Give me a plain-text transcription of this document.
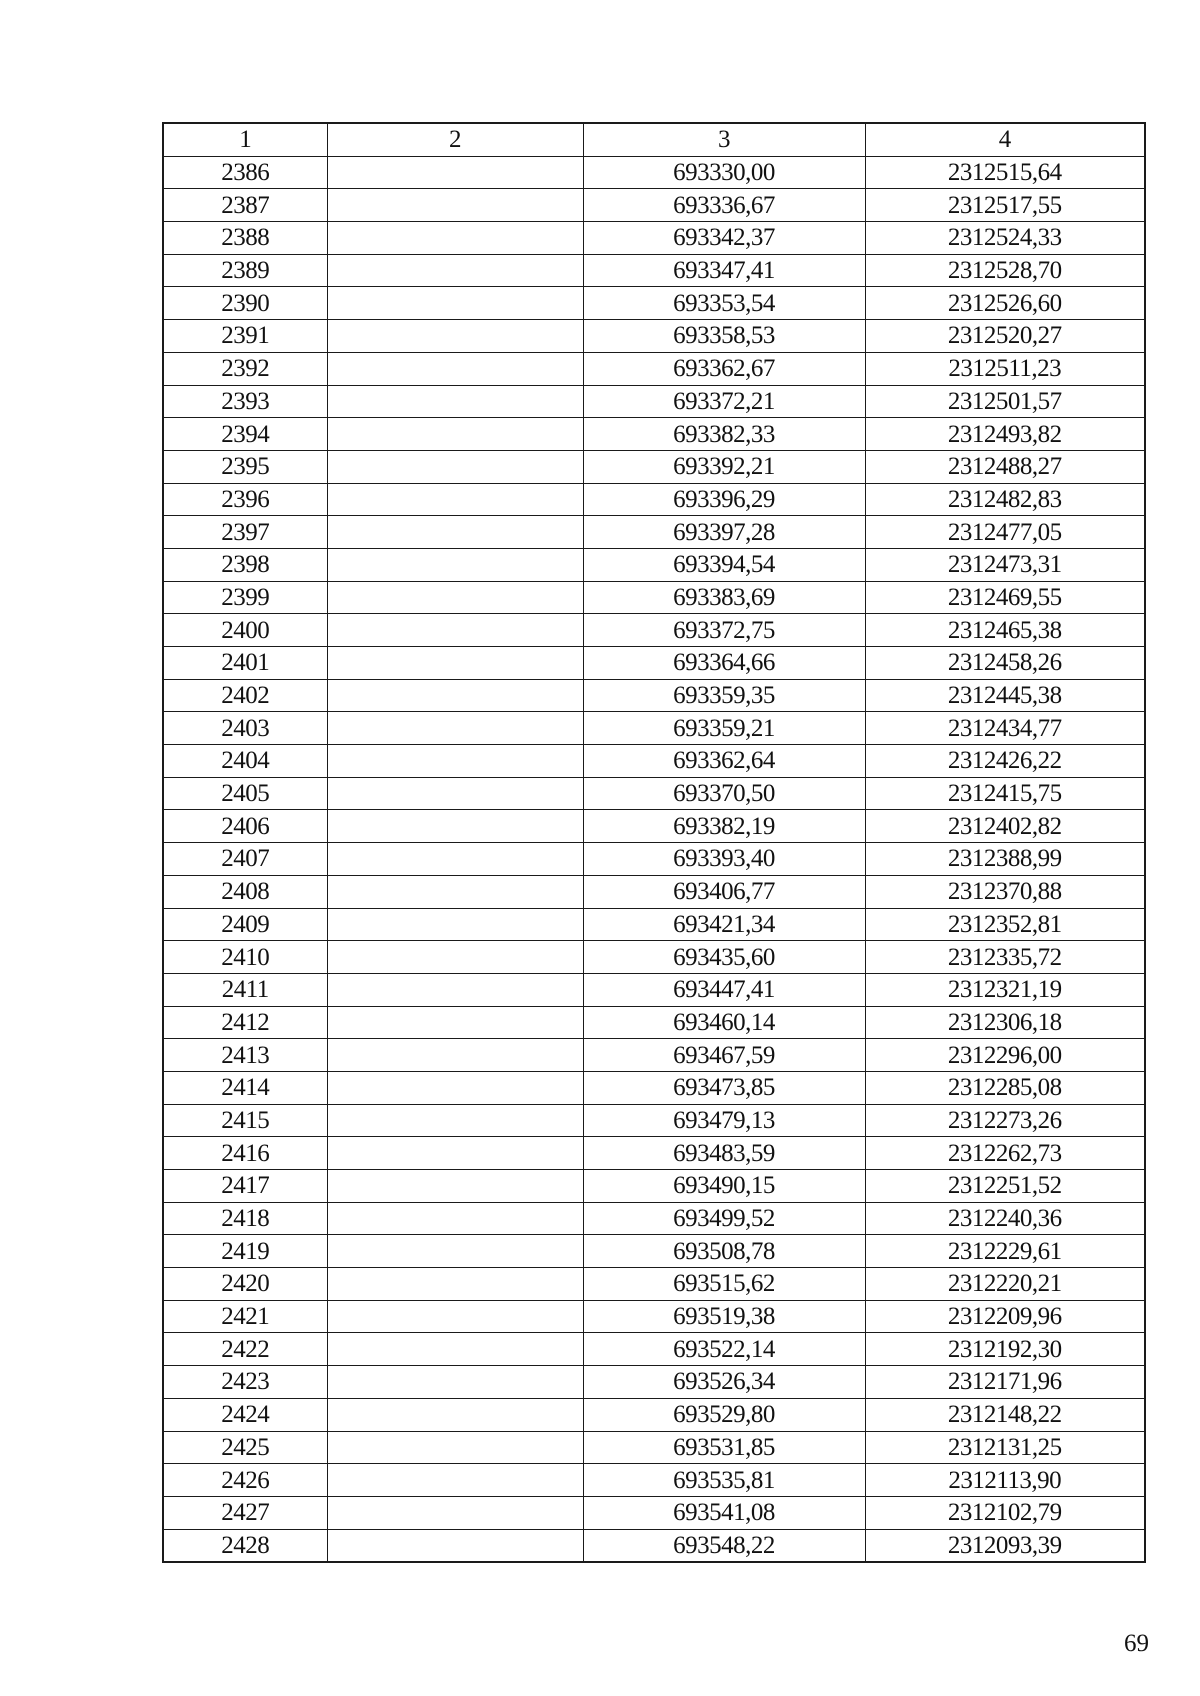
1	2	3	4
2386		693330,00	2312515,64
2387		693336,67	2312517,55
2388		693342,37	2312524,33
2389		693347,41	2312528,70
2390		693353,54	2312526,60
2391		693358,53	2312520,27
2392		693362,67	2312511,23
2393		693372,21	2312501,57
2394		693382,33	2312493,82
2395		693392,21	2312488,27
2396		693396,29	2312482,83
2397		693397,28	2312477,05
2398		693394,54	2312473,31
2399		693383,69	2312469,55
2400		693372,75	2312465,38
2401		693364,66	2312458,26
2402		693359,35	2312445,38
2403		693359,21	2312434,77
2404		693362,64	2312426,22
2405		693370,50	2312415,75
2406		693382,19	2312402,82
2407		693393,40	2312388,99
2408		693406,77	2312370,88
2409		693421,34	2312352,81
2410		693435,60	2312335,72
2411		693447,41	2312321,19
2412		693460,14	2312306,18
2413		693467,59	2312296,00
2414		693473,85	2312285,08
2415		693479,13	2312273,26
2416		693483,59	2312262,73
2417		693490,15	2312251,52
2418		693499,52	2312240,36
2419		693508,78	2312229,61
2420		693515,62	2312220,21
2421		693519,38	2312209,96
2422		693522,14	2312192,30
2423		693526,34	2312171,96
2424		693529,80	2312148,22
2425		693531,85	2312131,25
2426		693535,81	2312113,90
2427		693541,08	2312102,79
2428		693548,22	2312093,39
69
